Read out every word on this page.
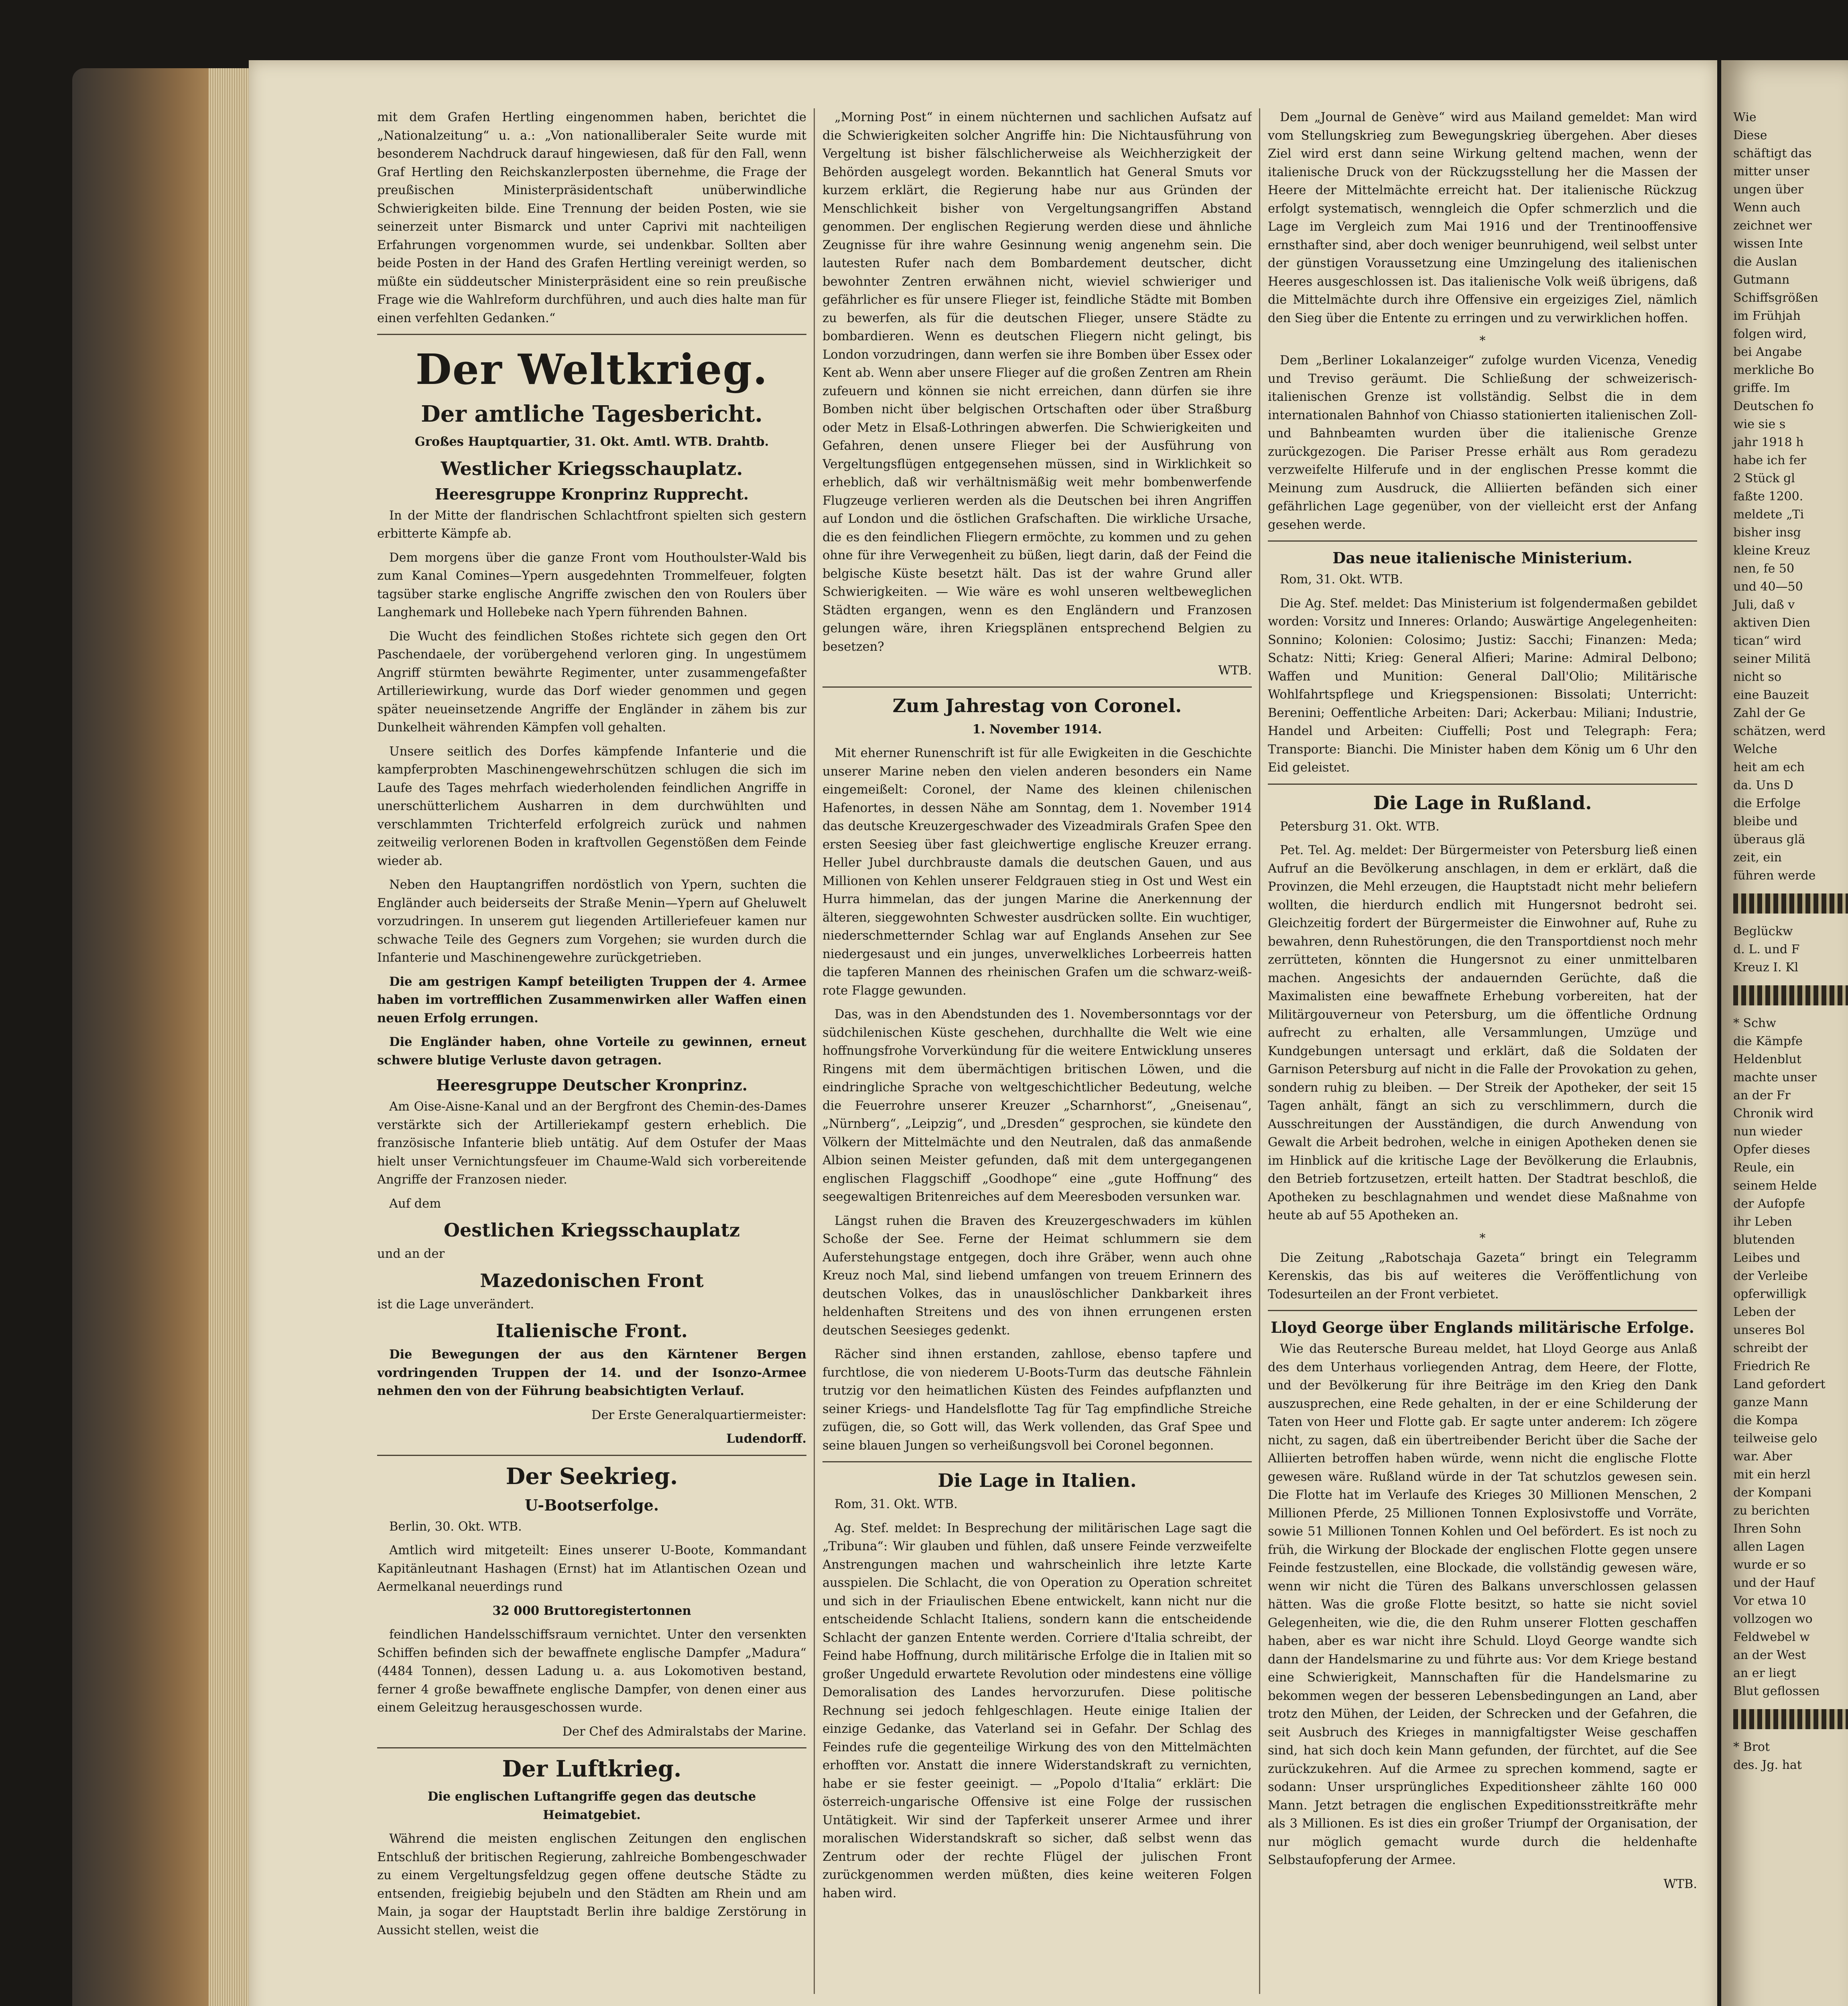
mit dem Grafen Hertling eingenommen haben, berichtet die „Nationalzeitung“ u. a.: „Von nationalliberaler Seite wurde mit besonderem Nachdruck darauf hingewiesen, daß für den Fall, wenn Graf Hertling den Reichskanzlerposten übernehme, die Frage der preußischen Ministerpräsidentschaft unüberwindliche Schwierigkeiten bilde. Eine Trennung der beiden Posten, wie sie seinerzeit unter Bismarck und unter Caprivi mit nachteiligen Erfahrungen vorgenommen wurde, sei undenkbar. Sollten aber beide Posten in der Hand des Grafen Hertling vereinigt werden, so müßte ein süddeutscher Ministerpräsident eine so rein preußische Frage wie die Wahlreform durchführen, und auch dies halte man für einen verfehlten Gedanken.“

Der Weltkrieg.
Der amtliche Tagesbericht.

Großes Hauptquartier, 31. Okt. Amtl. WTB. Drahtb.

Westlicher Kriegsschauplatz.
Heeresgruppe Kronprinz Rupprecht.

In der Mitte der flandrischen Schlachtfront spielten sich gestern erbitterte Kämpfe ab.

Dem morgens über die ganze Front vom Houthoulster-Wald bis zum Kanal Comines—Ypern ausgedehnten Trommelfeuer, folgten tagsüber starke englische Angriffe zwischen den von Roulers über Langhemark und Hollebeke nach Ypern führenden Bahnen.

Die Wucht des feindlichen Stoßes richtete sich gegen den Ort Paschendaele, der vorübergehend verloren ging. In ungestümem Angriff stürmten bewährte Regimenter, unter zusammengefaßter Artilleriewirkung, wurde das Dorf wieder genommen und gegen später neueinsetzende Angriffe der Engländer in zähem bis zur Dunkelheit währenden Kämpfen voll gehalten.

Unsere seitlich des Dorfes kämpfende Infanterie und die kampferprobten Maschinengewehrschützen schlugen die sich im Laufe des Tages mehrfach wiederholenden feindlichen Angriffe in unerschütterlichem Ausharren in dem durchwühlten und verschlammten Trichterfeld erfolgreich zurück und nahmen zeitweilig verlorenen Boden in kraftvollen Gegenstößen dem Feinde wieder ab.

Neben den Hauptangriffen nordöstlich von Ypern, suchten die Engländer auch beiderseits der Straße Menin—Ypern auf Gheluwelt vorzudringen. In unserem gut liegenden Artilleriefeuer kamen nur schwache Teile des Gegners zum Vorgehen; sie wurden durch die Infanterie und Maschinengewehre zurückgetrieben.

Die am gestrigen Kampf beteiligten Truppen der 4. Armee haben im vortrefflichen Zusammenwirken aller Waffen einen neuen Erfolg errungen.

Die Engländer haben, ohne Vorteile zu gewinnen, erneut schwere blutige Verluste davon getragen.

Heeresgruppe Deutscher Kronprinz.

Am Oise-Aisne-Kanal und an der Bergfront des Chemin-des-Dames verstärkte sich der Artilleriekampf gestern erheblich. Die französische Infanterie blieb untätig. Auf dem Ostufer der Maas hielt unser Vernichtungsfeuer im Chaume-Wald sich vorbereitende Angriffe der Franzosen nieder.

Auf dem

Oestlichen Kriegsschauplatz

und an der

Mazedonischen Front

ist die Lage unverändert.

Italienische Front.

Die Bewegungen der aus den Kärntener Bergen vordringenden Truppen der 14. und der Isonzo-Armee nehmen den von der Führung beabsichtigten Verlauf.

Der Erste Generalquartiermeister:

Ludendorff.

Der Seekrieg.
U-Bootserfolge.

Berlin, 30. Okt. WTB.

Amtlich wird mitgeteilt: Eines unserer U-Boote, Kommandant Kapitänleutnant Hashagen (Ernst) hat im Atlantischen Ozean und Aermelkanal neuerdings rund

32 000 Bruttoregistertonnen

feindlichen Handelsschiffsraum vernichtet. Unter den versenkten Schiffen befinden sich der bewaffnete englische Dampfer „Madura“ (4484 Tonnen), dessen Ladung u. a. aus Lokomotiven bestand, ferner 4 große bewaffnete englische Dampfer, von denen einer aus einem Geleitzug herausgeschossen wurde.

Der Chef des Admiralstabs der Marine.

Der Luftkrieg.

Die englischen Luftangriffe gegen das deutsche Heimatgebiet.

Während die meisten englischen Zeitungen den englischen Entschluß der britischen Regierung, zahlreiche Bombengeschwader zu einem Vergeltungsfeldzug gegen offene deutsche Städte zu entsenden, freigiebig bejubeln und den Städten am Rhein und am Main, ja sogar der Hauptstadt Berlin ihre baldige Zerstörung in Aussicht stellen, weist die

„Morning Post“ in einem nüchternen und sachlichen Aufsatz auf die Schwierigkeiten solcher Angriffe hin: Die Nichtausführung von Vergeltung ist bisher fälschlicherweise als Weichherzigkeit der Behörden ausgelegt worden. Bekanntlich hat General Smuts vor kurzem erklärt, die Regierung habe nur aus Gründen der Menschlichkeit bisher von Vergeltungsangriffen Abstand genommen. Der englischen Regierung werden diese und ähnliche Zeugnisse für ihre wahre Gesinnung wenig angenehm sein. Die lautesten Rufer nach dem Bombardement deutscher, dicht bewohnter Zentren erwähnen nicht, wieviel schwieriger und gefährlicher es für unsere Flieger ist, feindliche Städte mit Bomben zu bewerfen, als für die deutschen Flieger, unsere Städte zu bombardieren. Wenn es deutschen Fliegern nicht gelingt, bis London vorzudringen, dann werfen sie ihre Bomben über Essex oder Kent ab. Wenn aber unsere Flieger auf die großen Zentren am Rhein zufeuern und können sie nicht erreichen, dann dürfen sie ihre Bomben nicht über belgischen Ortschaften oder über Straßburg oder Metz in Elsaß-Lothringen abwerfen. Die Schwierigkeiten und Gefahren, denen unsere Flieger bei der Ausführung von Vergeltungsflügen entgegensehen müssen, sind in Wirklichkeit so erheblich, daß wir verhältnismäßig weit mehr bombenwerfende Flugzeuge verlieren werden als die Deutschen bei ihren Angriffen auf London und die östlichen Grafschaften. Die wirkliche Ursache, die es den feindlichen Fliegern ermöchte, zu kommen und zu gehen ohne für ihre Verwegenheit zu büßen, liegt darin, daß der Feind die belgische Küste besetzt hält. Das ist der wahre Grund aller Schwierigkeiten. — Wie wäre es wohl unseren weltbeweglichen Städten ergangen, wenn es den Engländern und Franzosen gelungen wäre, ihren Kriegsplänen entsprechend Belgien zu besetzen?

WTB.

Zum Jahrestag von Coronel.

1. November 1914.

Mit eherner Runenschrift ist für alle Ewigkeiten in die Geschichte unserer Marine neben den vielen anderen besonders ein Name eingemeißelt: Coronel, der Name des kleinen chilenischen Hafenortes, in dessen Nähe am Sonntag, dem 1. November 1914 das deutsche Kreuzergeschwader des Vizeadmirals Grafen Spee den ersten Seesieg über fast gleichwertige englische Kreuzer errang. Heller Jubel durchbrauste damals die deutschen Gauen, und aus Millionen von Kehlen unserer Feldgrauen stieg in Ost und West ein Hurra himmelan, das der jungen Marine die Anerkennung der älteren, sieggewohnten Schwester ausdrücken sollte. Ein wuchtiger, niederschmetternder Schlag war auf Englands Ansehen zur See niedergesaust und ein junges, unverwelkliches Lorbeerreis hatten die tapferen Mannen des rheinischen Grafen um die schwarz-weiß-rote Flagge gewunden.

Das, was in den Abendstunden des 1. Novembersonntags vor der südchilenischen Küste geschehen, durchhallte die Welt wie eine hoffnungsfrohe Vorverkündung für die weitere Entwicklung unseres Ringens mit dem übermächtigen britischen Löwen, und die eindringliche Sprache von weltgeschichtlicher Bedeutung, welche die Feuerrohre unserer Kreuzer „Scharnhorst“, „Gneisenau“, „Nürnberg“, „Leipzig“, und „Dresden“ gesprochen, sie kündete den Völkern der Mittelmächte und den Neutralen, daß das anmaßende Albion seinen Meister gefunden, daß mit dem untergegangenen englischen Flaggschiff „Goodhope“ eine „gute Hoffnung“ des seegewaltigen Britenreiches auf dem Meeresboden versunken war.

Längst ruhen die Braven des Kreuzergeschwaders im kühlen Schoße der See. Ferne der Heimat schlummern sie dem Auferstehungstage entgegen, doch ihre Gräber, wenn auch ohne Kreuz noch Mal, sind liebend umfangen von treuem Erinnern des deutschen Volkes, das in unauslöschlicher Dankbarkeit ihres heldenhaften Streitens und des von ihnen errungenen ersten deutschen Seesieges gedenkt.

Rächer sind ihnen erstanden, zahllose, ebenso tapfere und furchtlose, die von niederem U-Boots-Turm das deutsche Fähnlein trutzig vor den heimatlichen Küsten des Feindes aufpflanzten und seiner Kriegs- und Handelsflotte Tag für Tag empfindliche Streiche zufügen, die, so Gott will, das Werk vollenden, das Graf Spee und seine blauen Jungen so verheißungsvoll bei Coronel begonnen.

Die Lage in Italien.

Rom, 31. Okt. WTB.

Ag. Stef. meldet: In Besprechung der militärischen Lage sagt die „Tribuna“: Wir glauben und fühlen, daß unsere Feinde verzweifelte Anstrengungen machen und wahrscheinlich ihre letzte Karte ausspielen. Die Schlacht, die von Operation zu Operation schreitet und sich in der Friaulischen Ebene entwickelt, kann nicht nur die entscheidende Schlacht Italiens, sondern kann die entscheidende Schlacht der ganzen Entente werden. Corriere d'Italia schreibt, der Feind habe Hoffnung, durch militärische Erfolge die in Italien mit so großer Ungeduld erwartete Revolution oder mindestens eine völlige Demoralisation des Landes hervorzurufen. Diese politische Rechnung sei jedoch fehlgeschlagen. Heute einige Italien der einzige Gedanke, das Vaterland sei in Gefahr. Der Schlag des Feindes rufe die gegenteilige Wirkung des von den Mittelmächten erhofften vor. Anstatt die innere Widerstandskraft zu vernichten, habe er sie fester geeinigt. — „Popolo d'Italia“ erklärt: Die österreich-ungarische Offensive ist eine Folge der russischen Untätigkeit. Wir sind der Tapferkeit unserer Armee und ihrer moralischen Widerstandskraft so sicher, daß selbst wenn das Zentrum oder der rechte Flügel der julischen Front zurückgenommen werden müßten, dies keine weiteren Folgen haben wird.

Dem „Journal de Genève“ wird aus Mailand gemeldet: Man wird vom Stellungskrieg zum Bewegungskrieg übergehen. Aber dieses Ziel wird erst dann seine Wirkung geltend machen, wenn der italienische Druck von der Rückzugsstellung her die Massen der Heere der Mittelmächte erreicht hat. Der italienische Rückzug erfolgt systematisch, wenngleich die Opfer schmerzlich und die Lage im Vergleich zum Mai 1916 und der Trentinooffensive ernsthafter sind, aber doch weniger beunruhigend, weil selbst unter der günstigen Voraussetzung eine Umzingelung des italienischen Heeres ausgeschlossen ist. Das italienische Volk weiß übrigens, daß die Mittelmächte durch ihre Offensive ein ergeiziges Ziel, nämlich den Sieg über die Entente zu erringen und zu verwirklichen hoffen.

*

Dem „Berliner Lokalanzeiger“ zufolge wurden Vicenza, Venedig und Treviso geräumt. Die Schließung der schweizerisch-italienischen Grenze ist vollständig. Selbst die in dem internationalen Bahnhof von Chiasso stationierten italienischen Zoll- und Bahnbeamten wurden über die italienische Grenze zurückgezogen. Die Pariser Presse erhält aus Rom geradezu verzweifelte Hilferufe und in der englischen Presse kommt die Meinung zum Ausdruck, die Alliierten befänden sich einer gefährlichen Lage gegenüber, von der vielleicht erst der Anfang gesehen werde.

Das neue italienische Ministerium.

Rom, 31. Okt. WTB.

Die Ag. Stef. meldet: Das Ministerium ist folgendermaßen gebildet worden: Vorsitz und Inneres: Orlando; Auswärtige Angelegenheiten: Sonnino; Kolonien: Colosimo; Justiz: Sacchi; Finanzen: Meda; Schatz: Nitti; Krieg: General Alfieri; Marine: Admiral Delbono; Waffen und Munition: General Dall'Olio; Militärische Wohlfahrtspflege und Kriegspensionen: Bissolati; Unterricht: Berenini; Oeffentliche Arbeiten: Dari; Ackerbau: Miliani; Industrie, Handel und Arbeiten: Ciuffelli; Post und Telegraph: Fera; Transporte: Bianchi. Die Minister haben dem König um 6 Uhr den Eid geleistet.

Die Lage in Rußland.

Petersburg 31. Okt. WTB.

Pet. Tel. Ag. meldet: Der Bürgermeister von Petersburg ließ einen Aufruf an die Bevölkerung anschlagen, in dem er erklärt, daß die Provinzen, die Mehl erzeugen, die Hauptstadt nicht mehr beliefern wollten, die hierdurch endlich mit Hungersnot bedroht sei. Gleichzeitig fordert der Bürgermeister die Einwohner auf, Ruhe zu bewahren, denn Ruhestörungen, die den Transportdienst noch mehr zerrütteten, könnten die Hungersnot zu einer unmittelbaren machen. Angesichts der andauernden Gerüchte, daß die Maximalisten eine bewaffnete Erhebung vorbereiten, hat der Militärgouverneur von Petersburg, um die öffentliche Ordnung aufrecht zu erhalten, alle Versammlungen, Umzüge und Kundgebungen untersagt und erklärt, daß die Soldaten der Garnison Petersburg auf nicht in die Falle der Provokation zu gehen, sondern ruhig zu bleiben. — Der Streik der Apotheker, der seit 15 Tagen anhält, fängt an sich zu verschlimmern, durch die Ausschreitungen der Ausständigen, die durch Anwendung von Gewalt die Arbeit bedrohen, welche in einigen Apotheken denen sie im Hinblick auf die kritische Lage der Bevölkerung die Erlaubnis, den Betrieb fortzusetzen, erteilt hatten. Der Stadtrat beschloß, die Apotheken zu beschlagnahmen und wendet diese Maßnahme von heute ab auf 55 Apotheken an.

*

Die Zeitung „Rabotschaja Gazeta“ bringt ein Telegramm Kerenskis, das bis auf weiteres die Veröffentlichung von Todesurteilen an der Front verbietet.

Lloyd George über Englands militärische Erfolge.

Wie das Reutersche Bureau meldet, hat Lloyd George aus Anlaß des dem Unterhaus vorliegenden Antrag, dem Heere, der Flotte, und der Bevölkerung für ihre Beiträge im den Krieg den Dank auszusprechen, eine Rede gehalten, in der er eine Schilderung der Taten von Heer und Flotte gab. Er sagte unter anderem: Ich zögere nicht, zu sagen, daß ein übertreibender Bericht über die Sache der Alliierten betroffen haben würde, wenn nicht die englische Flotte gewesen wäre. Rußland würde in der Tat schutzlos gewesen sein. Die Flotte hat im Verlaufe des Krieges 30 Millionen Menschen, 2 Millionen Pferde, 25 Millionen Tonnen Explosivstoffe und Vorräte, sowie 51 Millionen Tonnen Kohlen und Oel befördert. Es ist noch zu früh, die Wirkung der Blockade der englischen Flotte gegen unsere Feinde festzustellen, eine Blockade, die vollständig gewesen wäre, wenn wir nicht die Türen des Balkans unverschlossen gelassen hätten. Was die große Flotte besitzt, so hatte sie nicht soviel Gelegenheiten, wie die, die den Ruhm unserer Flotten geschaffen haben, aber es war nicht ihre Schuld. Lloyd George wandte sich dann der Handelsmarine zu und führte aus: Vor dem Kriege bestand eine Schwierigkeit, Mannschaften für die Handelsmarine zu bekommen wegen der besseren Lebensbedingungen an Land, aber trotz den Mühen, der Leiden, der Schrecken und der Gefahren, die seit Ausbruch des Krieges in mannigfaltigster Weise geschaffen sind, hat sich doch kein Mann gefunden, der fürchtet, auf die See zurückzukehren. Auf die Armee zu sprechen kommend, sagte er sodann: Unser ursprüngliches Expeditionsheer zählte 160 000 Mann. Jetzt betragen die englischen Expeditionsstreitkräfte mehr als 3 Millionen. Es ist dies ein großer Triumpf der Organisation, der nur möglich gemacht wurde durch die heldenhafte Selbstaufopferung der Armee.

WTB.

Wie

Diese

schäftigt das

mitter unser

ungen über

Wenn auch

zeichnet wer

wissen Inte

die Auslan

Gutmann

Schiffsgrößen

im Frühjah

folgen wird,

bei Angabe

merkliche Bo

griffe. Im

Deutschen fo

wie sie s

jahr 1918 h

habe ich fer

2 Stück gl

faßte 1200.

meldete „Ti

bisher insg

kleine Kreuz

nen, fe 50

und 40—50

Juli, daß v

aktiven Dien

tican“ wird

seiner Militä

nicht so

eine Bauzeit

Zahl der Ge

schätzen, werd

Welche

heit am ech

da. Uns D

die Erfolge

bleibe und

überaus glä

zeit, ein

führen werde

Beglückw

d. L. und F

Kreuz I. Kl

* Schw

die Kämpfe

Heldenblut

machte unser

an der Fr

Chronik wird

nun wieder

Opfer dieses

Reule, ein

seinem Helde

der Aufopfe

ihr Leben

blutenden

Leibes und

der Verleibe

opferwilligk

Leben der

unseres Bol

schreibt der

Friedrich Re

Land gefordert

ganze Mann

die Kompa

teilweise gelo

war. Aber

mit ein herzl

der Kompani

zu berichten

Ihren Sohn

allen Lagen

wurde er so

und der Hauf

Vor etwa 10

vollzogen wo

Feldwebel w

an der West

an er liegt

Blut geflossen

* Brot

des. Jg. hat
